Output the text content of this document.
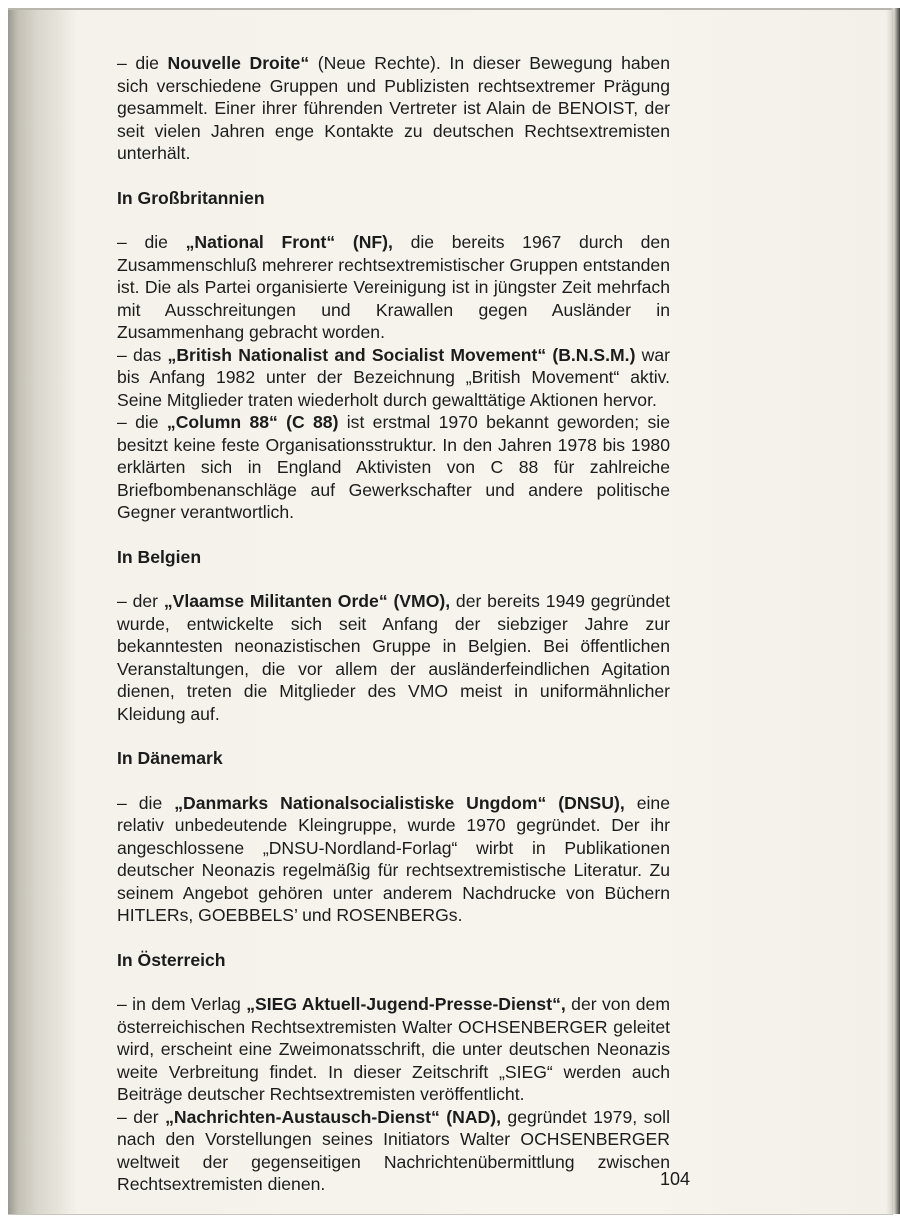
– die Nouvelle Droite“ (Neue Rechte). In dieser Bewegung haben sich verschiedene Gruppen und Publizisten rechtsextremer Prägung gesammelt. Einer ihrer führenden Vertreter ist Alain de BENOIST, der seit vielen Jahren enge Kontakte zu deutschen Rechtsextremisten unterhält.

In Großbritannien

– die „National Front“ (NF), die bereits 1967 durch den Zusammenschluß mehrerer rechtsextremistischer Gruppen entstanden ist. Die als Partei organisierte Vereinigung ist in jüngster Zeit mehrfach mit Ausschreitungen und Krawallen gegen Ausländer in Zusammenhang gebracht worden.

– das „British Nationalist and Socialist Movement“ (B.N.S.M.) war bis Anfang 1982 unter der Bezeichnung „British Movement“ aktiv. Seine Mitglieder traten wiederholt durch gewalttätige Aktionen hervor.

– die „Column 88“ (C 88) ist erstmal 1970 bekannt geworden; sie besitzt keine feste Organisationsstruktur. In den Jahren 1978 bis 1980 erklärten sich in England Aktivisten von C 88 für zahlreiche Briefbombenanschläge auf Gewerkschafter und andere politische Gegner verantwortlich.

In Belgien

– der „Vlaamse Militanten Orde“ (VMO), der bereits 1949 gegründet wurde, entwickelte sich seit Anfang der siebziger Jahre zur bekanntesten neonazistischen Gruppe in Belgien. Bei öffentlichen Veranstaltungen, die vor allem der ausländerfeindlichen Agitation dienen, treten die Mitglieder des VMO meist in uniformähnlicher Kleidung auf.

In Dänemark

– die „Danmarks Nationalsocialistiske Ungdom“ (DNSU), eine relativ unbedeutende Kleingruppe, wurde 1970 gegründet. Der ihr angeschlossene „DNSU-Nordland-Forlag“ wirbt in Publikationen deutscher Neonazis regelmäßig für rechtsextremistische Literatur. Zu seinem Angebot gehören unter anderem Nachdrucke von Büchern HITLERs, GOEBBELS’ und ROSENBERGs.

In Österreich

– in dem Verlag „SIEG Aktuell-Jugend-Presse-Dienst“, der von dem österreichischen Rechtsextremisten Walter OCHSENBERGER geleitet wird, erscheint eine Zweimonatsschrift, die unter deutschen Neonazis weite Verbreitung findet. In dieser Zeitschrift „SIEG“ werden auch Beiträge deutscher Rechtsextremisten veröffentlicht.

– der „Nachrichten-Austausch-Dienst“ (NAD), gegründet 1979, soll nach den Vorstellungen seines Initiators Walter OCHSENBERGER weltweit der gegenseitigen Nachrichtenübermittlung zwischen Rechtsextremisten dienen.	104
